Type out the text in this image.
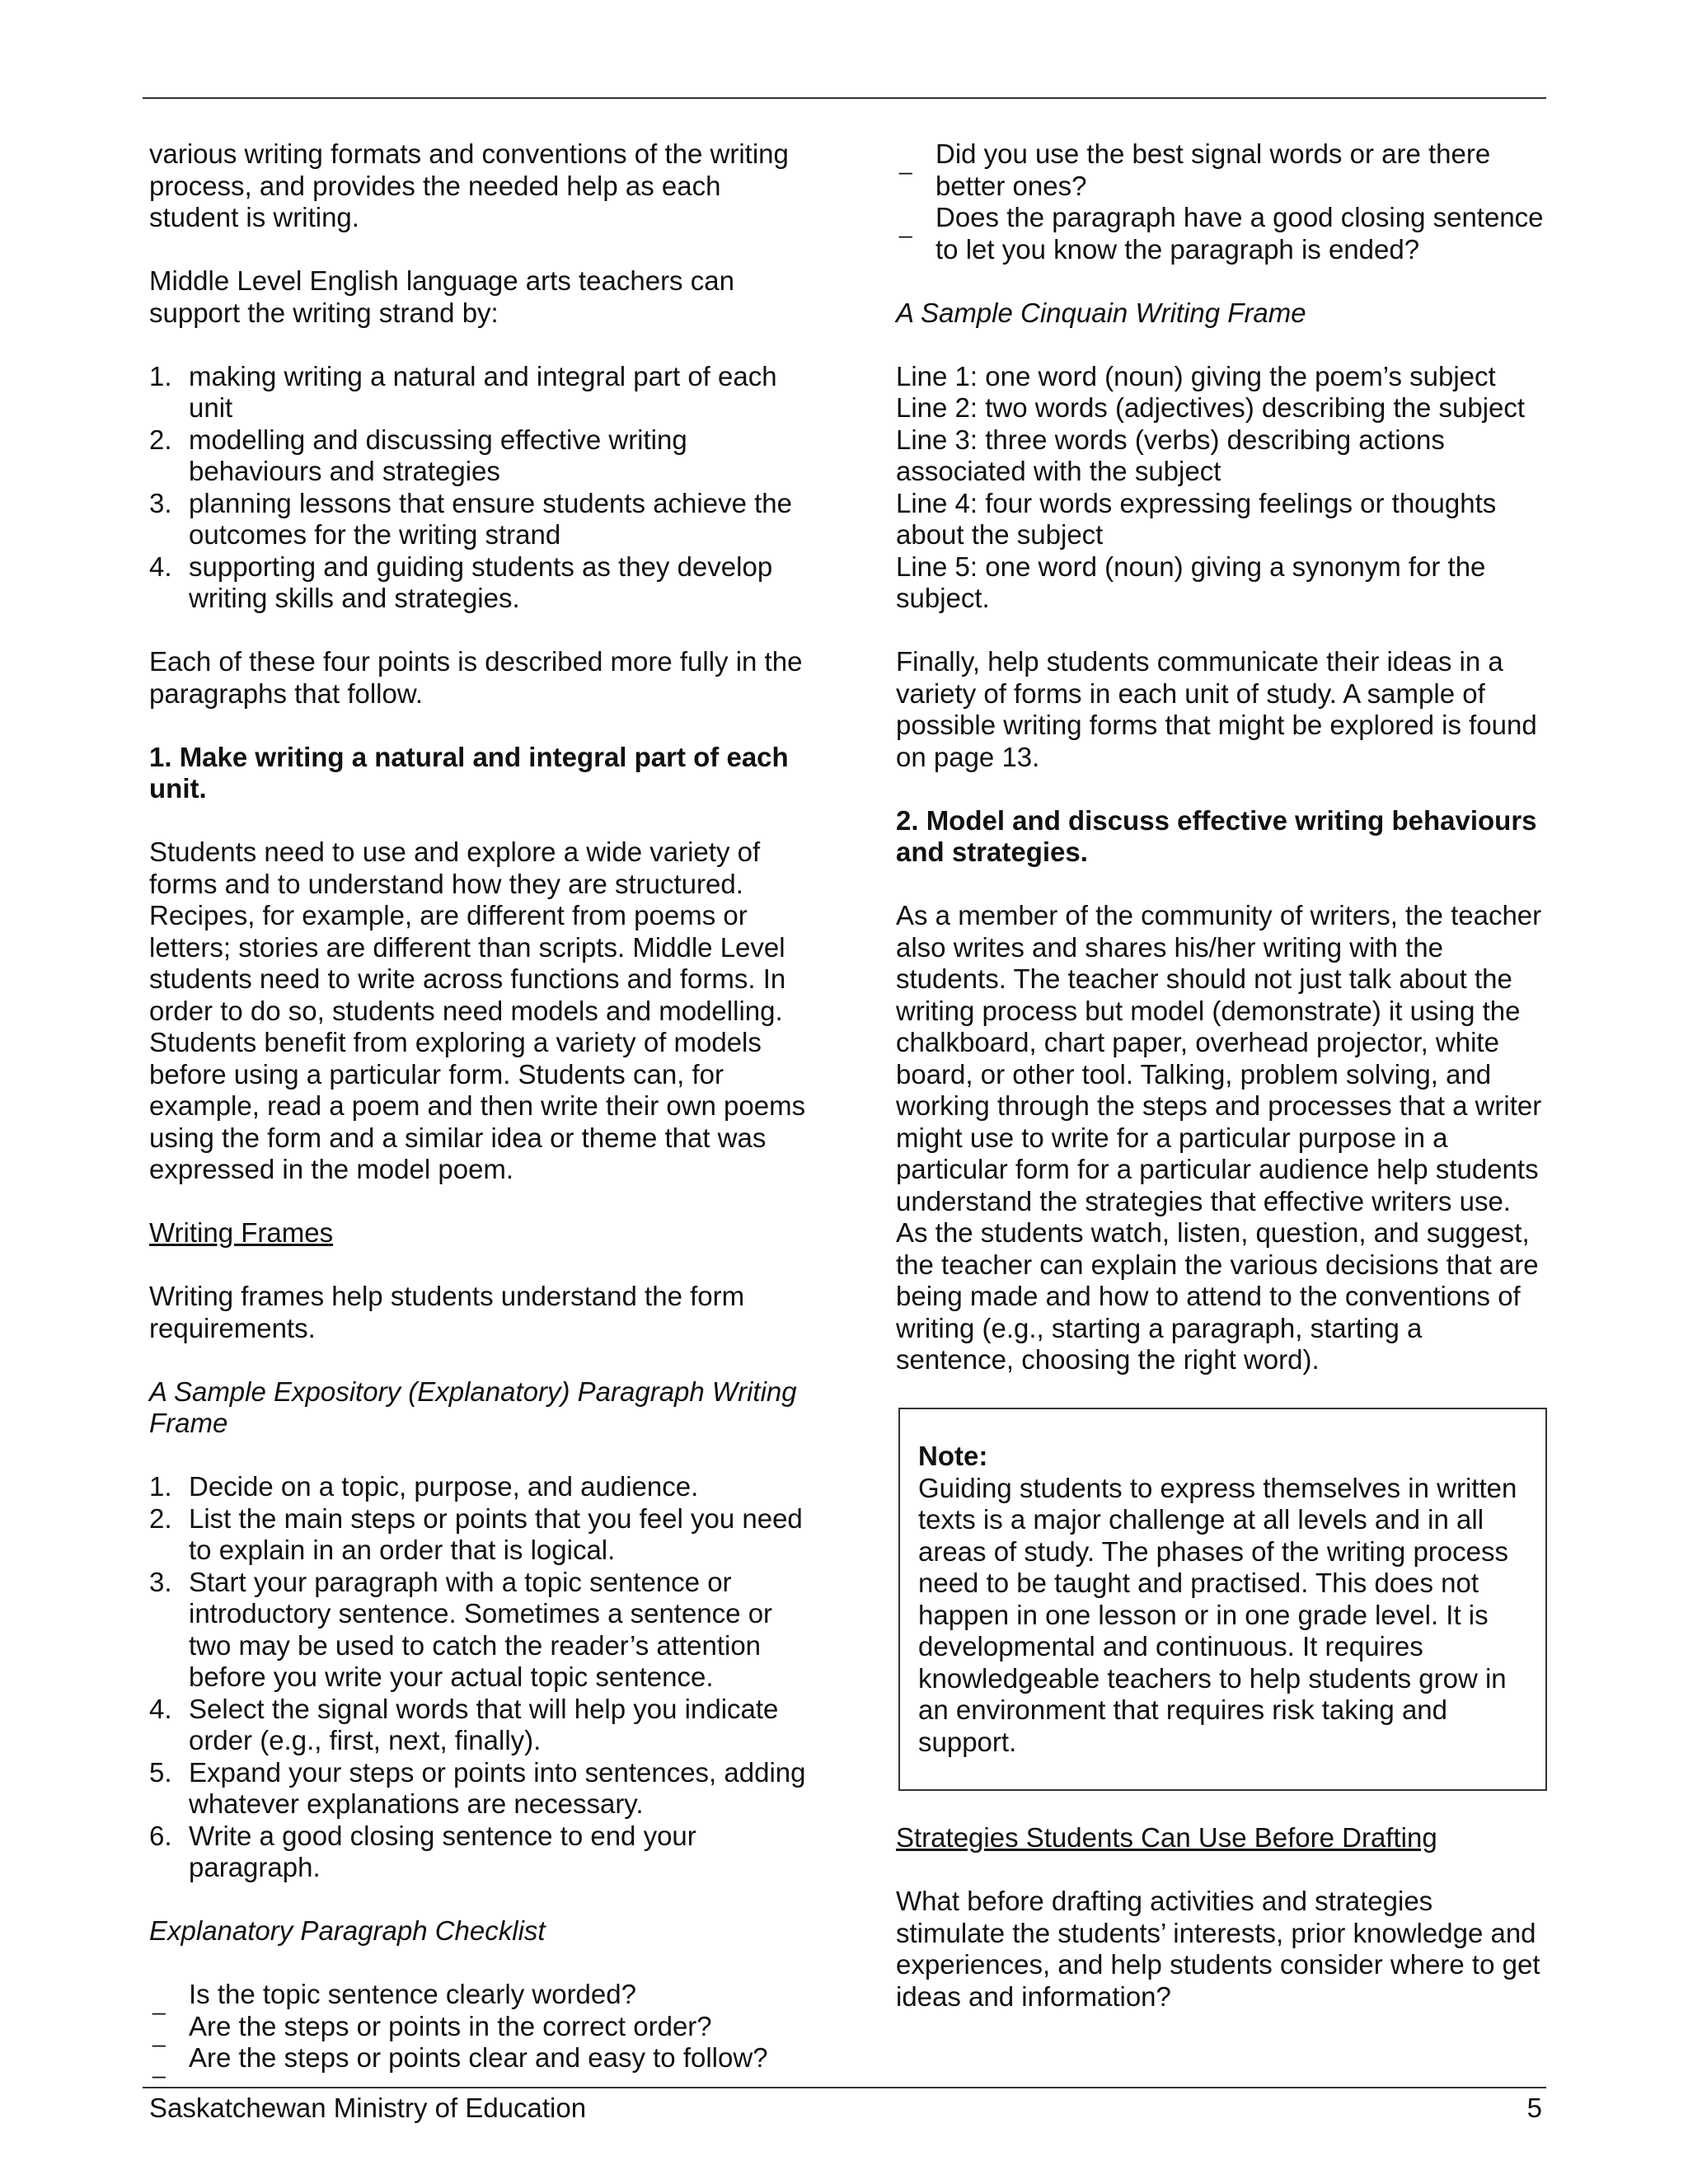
various writing formats and conventions of the writing process, and provides the needed help as each student is writing.

Middle Level English language arts teachers can support the writing strand by:

1. making writing a natural and integral part of each unit
2. modelling and discussing effective writing behaviours and strategies
3. planning lessons that ensure students achieve the outcomes for the writing strand
4. supporting and guiding students as they develop writing skills and strategies.

Each of these four points is described more fully in the paragraphs that follow.

1. Make writing a natural and integral part of each unit.

Students need to use and explore a wide variety of forms and to understand how they are structured. Recipes, for example, are different from poems or letters; stories are different than scripts. Middle Level students need to write across functions and forms. In order to do so, students need models and modelling. Students benefit from exploring a variety of models before using a particular form. Students can, for example, read a poem and then write their own poems using the form and a similar idea or theme that was expressed in the model poem.

Writing Frames

Writing frames help students understand the form requirements.

A Sample Expository (Explanatory) Paragraph Writing Frame

1. Decide on a topic, purpose, and audience.
2. List the main steps or points that you feel you need to explain in an order that is logical.
3. Start your paragraph with a topic sentence or introductory sentence. Sometimes a sentence or two may be used to catch the reader’s attention before you write your actual topic sentence.
4. Select the signal words that will help you indicate order (e.g., first, next, finally).
5. Expand your steps or points into sentences, adding whatever explanations are necessary.
6. Write a good closing sentence to end your paragraph.

Explanatory Paragraph Checklist

_ Is the topic sentence clearly worded?
_ Are the steps or points in the correct order?
_ Are the steps or points clear and easy to follow?
_ Did you use the best signal words or are there better ones?
_ Does the paragraph have a good closing sentence to let you know the paragraph is ended?

A Sample Cinquain Writing Frame

Line 1: one word (noun) giving the poem’s subject

Line 2: two words (adjectives) describing the subject

Line 3: three words (verbs) describing actions associated with the subject

Line 4: four words expressing feelings or thoughts about the subject

Line 5: one word (noun) giving a synonym for the subject.

Finally, help students communicate their ideas in a variety of forms in each unit of study. A sample of possible writing forms that might be explored is found on page 13.

2. Model and discuss effective writing behaviours and strategies.

As a member of the community of writers, the teacher also writes and shares his/her writing with the students. The teacher should not just talk about the writing process but model (demonstrate) it using the chalkboard, chart paper, overhead projector, white board, or other tool. Talking, problem solving, and working through the steps and processes that a writer might use to write for a particular purpose in a particular form for a particular audience help students understand the strategies that effective writers use. As the students watch, listen, question, and suggest, the teacher can explain the various decisions that are being made and how to attend to the conventions of writing (e.g., starting a paragraph, starting a sentence, choosing the right word).

Note:
Guiding students to express themselves in written texts is a major challenge at all levels and in all areas of study. The phases of the writing process need to be taught and practised. This does not happen in one lesson or in one grade level. It is developmental and continuous. It requires knowledgeable teachers to help students grow in an environment that requires risk taking and support.

Strategies Students Can Use Before Drafting

What before drafting activities and strategies stimulate the students’ interests, prior knowledge and experiences, and help students consider where to get ideas and information?

Saskatchewan Ministry of Education	5
